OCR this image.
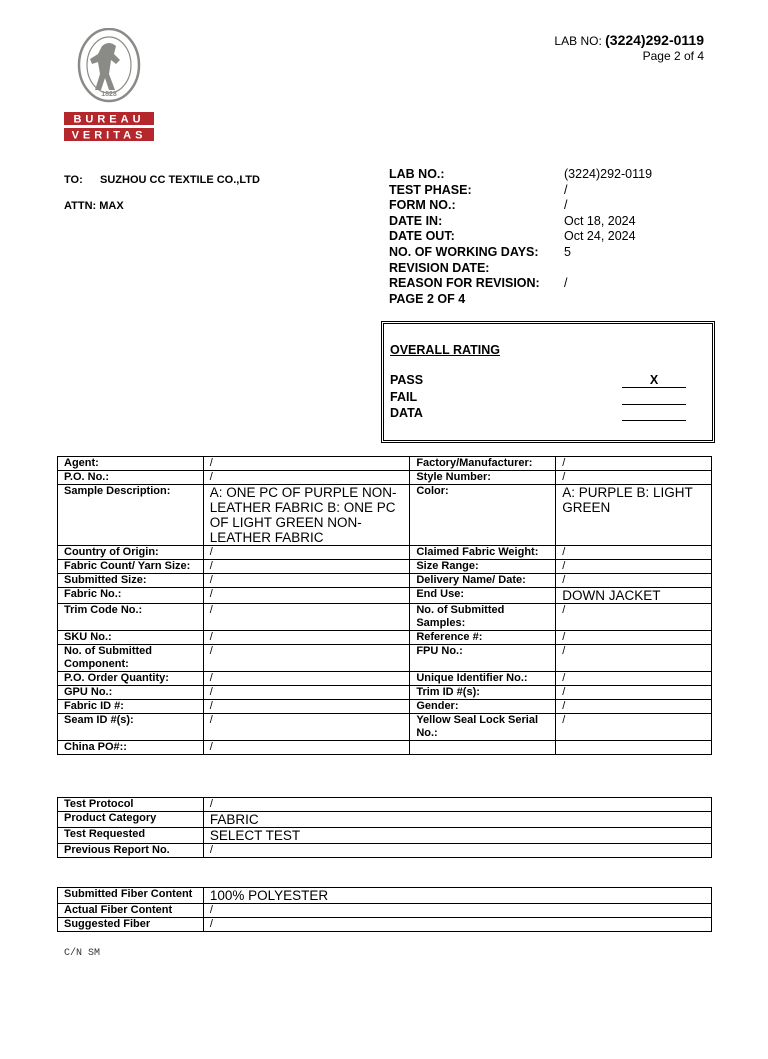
1828
BUREAU
VERITAS
LAB NO: (3224)292-0119
Page 2 of 4
TO: SUZHOU CC TEXTILE CO.,LTD
ATTN: MAX
LAB NO.:	(3224)292-0119
TEST PHASE:	/
FORM NO.:	/
DATE IN:	Oct 18, 2024
DATE OUT:	Oct 24, 2024
NO. OF WORKING DAYS:	5
REVISION DATE:
REASON FOR REVISION:	/
PAGE 2 OF 4
OVERALL RATING
PASS	X
FAIL
DATA
Agent:	/	Factory/Manufacturer:	/
P.O. No.:	/	Style Number:	/
Sample Description:	A: ONE PC OF PURPLE NON- LEATHER FABRIC B: ONE PC OF LIGHT GREEN NON- LEATHER FABRIC	Color:	A: PURPLE B: LIGHT GREEN
Country of Origin:	/	Claimed Fabric Weight:	/
Fabric Count/ Yarn Size:	/	Size Range:	/
Submitted Size:	/	Delivery Name/ Date:	/
Fabric No.:	/	End Use:	DOWN JACKET
Trim Code No.:	/	No. of Submitted Samples:	/
SKU No.:	/	Reference #:	/
No. of Submitted Component:	/	FPU No.:	/
P.O. Order Quantity:	/	Unique Identifier No.:	/
GPU No.:	/	Trim ID #(s):	/
Fabric ID #:	/	Gender:	/
Seam ID #(s):	/	Yellow Seal Lock Serial No.:	/
China PO#::	/		
Test Protocol	/
Product Category	FABRIC
Test Requested	SELECT TEST
Previous Report No.	/
Submitted Fiber Content	100% POLYESTER
Actual Fiber Content	/
Suggested Fiber	/
C/N SM
